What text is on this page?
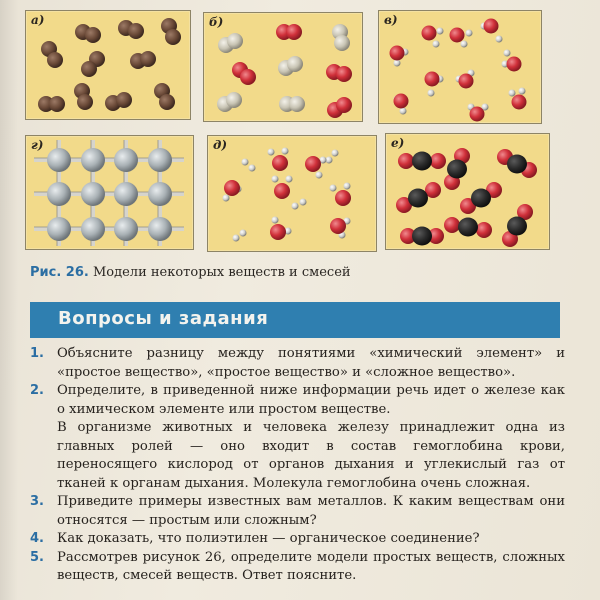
а)	б)	в)
г)	д)	е)
Рис. 26. Модели некоторых веществ и смесей
Вопросы и задания
1. Объясните разницу между понятиями «химический элемент» и «простое вещество», «простое вещество» и «сложное вещество».

2. Определите, в приведенной ниже информации речь идет о железе как о химическом элементе или простом веществе.

В организме животных и человека железу принадлежит одна из главных ролей — оно входит в состав гемоглобина крови, переносящего кислород от органов дыхания и углекислый газ от тканей к органам дыхания. Молекула гемоглобина очень сложная.

3. Приведите примеры известных вам металлов. К каким веществам они относятся — простым или сложным?

4. Как доказать, что полиэтилен — органическое соединение?

5. Рассмотрев рисунок 26, определите модели простых веществ, сложных веществ, смесей веществ. Ответ поясните.
